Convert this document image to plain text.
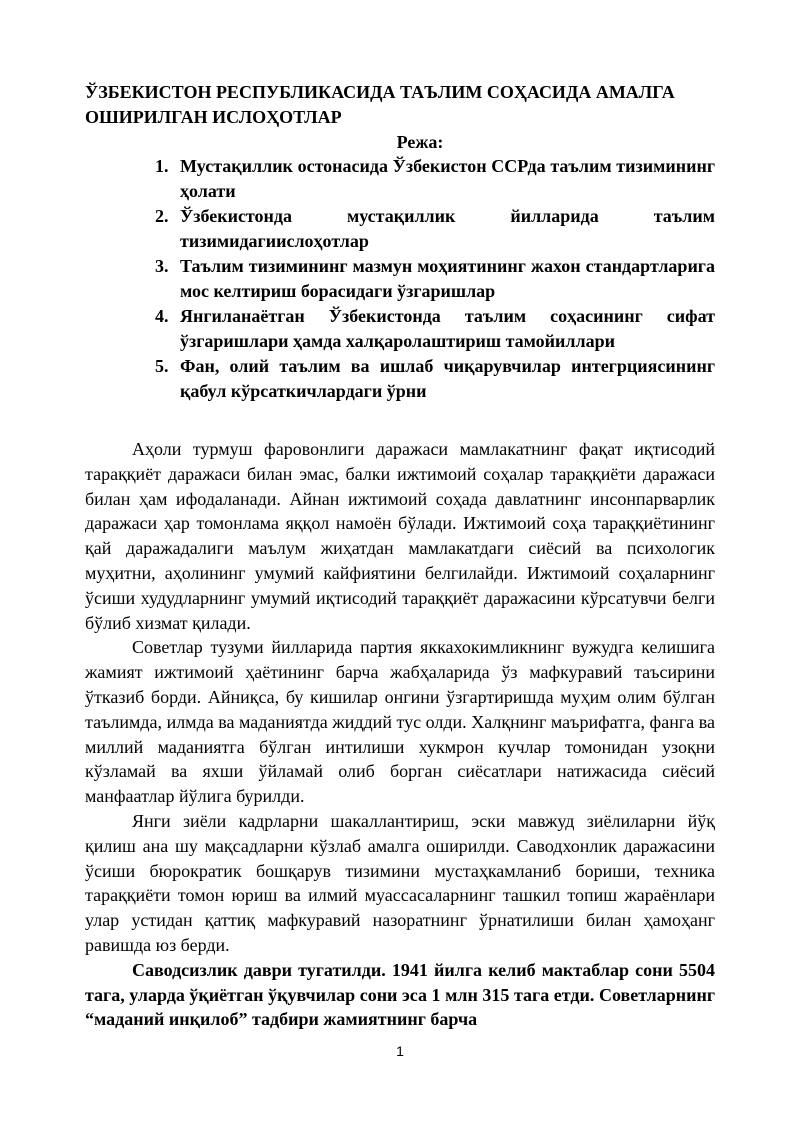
ЎЗБЕКИСТОН РЕСПУБЛИКАСИДА ТАЪЛИМ СОҲАСИДА АМАЛГА ОШИРИЛГАН ИСЛОҲОТЛАР
Режа:
1. Мустақиллик остонасида Ўзбекистон ССРда таълим тизимининг ҳолати
2. Ўзбекистонда мустақиллик йилларида таълим тизимидагиислоҳотлар
3. Таълим тизимининг мазмун моҳиятининг жахон стандартларига мос келтириш борасидаги ўзгаришлар
4. Янгиланаётган Ўзбекистонда таълим соҳасининг сифат ўзгаришлари ҳамда халқаролаштириш тамойиллари
5. Фан, олий таълим ва ишлаб чиқарувчилар интегрциясининг қабул кўрсаткичлардаги ўрни

Аҳоли турмуш фаровонлиги даражаси мамлакатнинг фақат иқтисодий тараққиёт даражаси билан эмас, балки ижтимоий соҳалар тараққиёти даражаси билан ҳам ифодаланади. Айнан ижтимоий соҳада давлатнинг инсонпарварлик даражаси ҳар томонлама яққол намоён бўлади. Ижтимоий соҳа тараққиётининг қай даражадалиги маълум жиҳатдан мамлакатдаги сиёсий ва психологик муҳитни, аҳолининг умумий кайфиятини белгилайди. Ижтимоий соҳаларнинг ўсиши худудларнинг умумий иқтисодий тараққиёт даражасини кўрсатувчи белги бўлиб хизмат қилади.

Советлар тузуми йилларида партия яккахокимликнинг вужудга келишига жамият ижтимоий ҳаётининг барча жабҳаларида ўз мафкуравий таъсирини ўтказиб борди. Айниқса, бу кишилар онгини ўзгартиришда муҳим олим бўлган таълимда, илмда ва маданиятда жиддий тус олди. Халқнинг маърифатга, фанга ва миллий маданиятга бўлган интилиши хукмрон кучлар томонидан узоқни кўзламай ва яхши ўйламай олиб борган сиёсатлари натижасида сиёсий манфаатлар йўлига бурилди.

Янги зиёли кадрларни шакаллантириш, эски мавжуд зиёлиларни йўқ қилиш ана шу мақсадларни кўзлаб амалга оширилди. Саводхонлик даражасини ўсиши бюрократик бошқарув тизимини мустаҳкамланиб бориши, техника тараққиёти томон юриш ва илмий муассасаларнинг ташкил топиш жараёнлари улар устидан қаттиқ мафкуравий назоратнинг ўрнатилиши билан ҳамоҳанг равишда юз берди.

Саводсизлик даври тугатилди. 1941 йилга келиб мактаблар сони 5504 тага, уларда ўқиётган ўқувчилар сони эса 1 млн 315 тага етди. Советларнинг “маданий инқилоб” тадбири жамиятнинг барча

1
